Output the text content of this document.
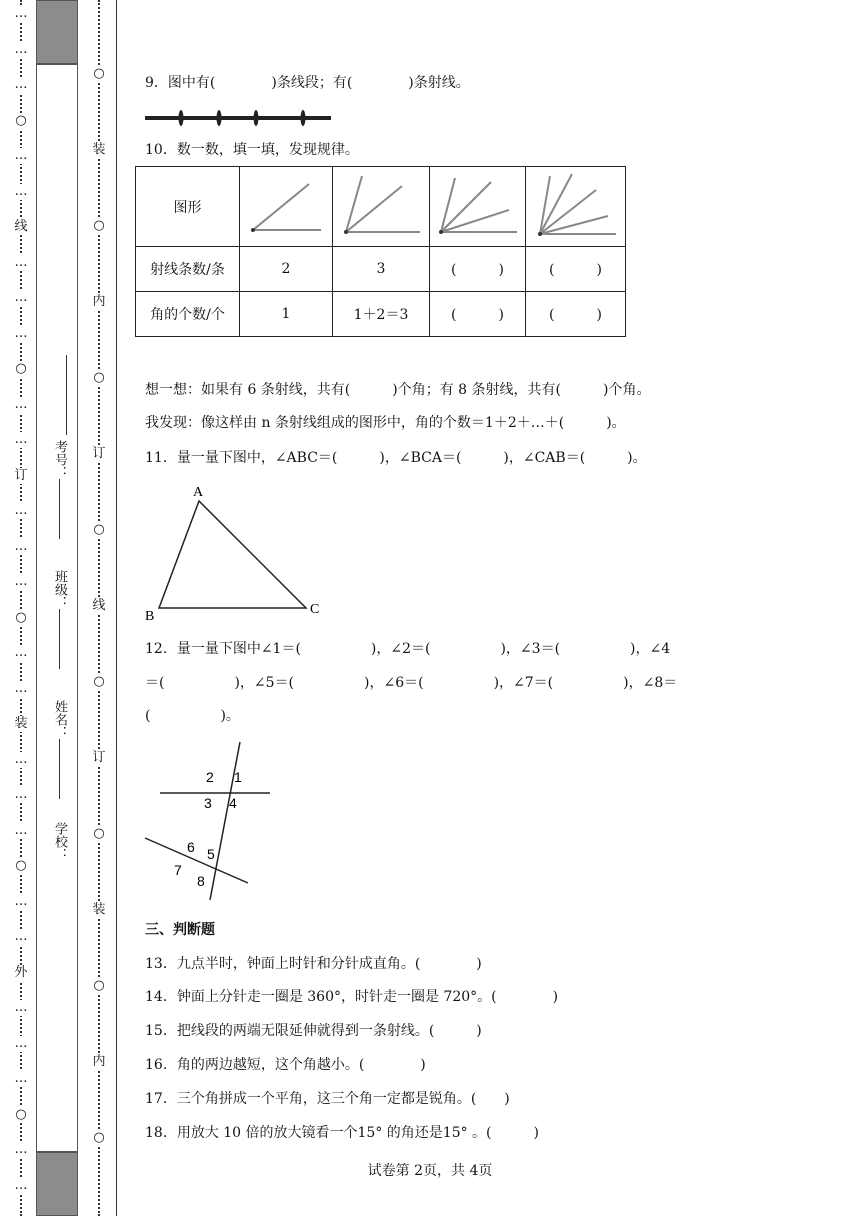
…
…
…
○
…
…
线
…
…
…
○
…
…
订
…
…
…
○
…
…
装
…
…
…
○
…
…
外
…
…
…
○
…
…
考号：
班级：
姓名：
学校：
○
装
○
内
○
订
○
线
○
订
○
装
○
内
○
9．图中有(　　　　)条线段；有(　　　　)条射线。
10．数一数，填一填，发现规律。
图形				
射线条数/条	2	3	(　　　)	(　　　)
角的个数/个	1	1＋2＝3	(　　　)	(　　　)
想一想：如果有 6 条射线，共有(　　　)个角；有 8 条射线，共有(　　　)个角。
我发现：像这样由 n 条射线组成的图形中，角的个数＝1＋2＋…＋(　　　)。
11．量一量下图中，∠ABC＝(　　　)，∠BCA＝(　　　)，∠CAB＝(　　　)。
A
B	C
12．量一量下图中∠1＝(　　　　　)，∠2＝(　　　　　)，∠3＝(　　　　　)，∠4
＝(　　　　　)，∠5＝(　　　　　)，∠6＝(　　　　　)，∠7＝(　　　　　)，∠8＝
(　　　　　)。
2 1
3 4
6 5
7
8
三、判断题
13．九点半时，钟面上时针和分针成直角。(　　　　)
14．钟面上分针走一圈是 360°，时针走一圈是 720°。(　　　　)
15．把线段的两端无限延伸就得到一条射线。(　　　)
16．角的两边越短，这个角越小。(　　　　)
17．三个角拼成一个平角，这三个角一定都是锐角。(　　)
18．用放大 10 倍的放大镜看一个15° 的角还是15° 。(　　　)
试卷第 2页，共 4页
